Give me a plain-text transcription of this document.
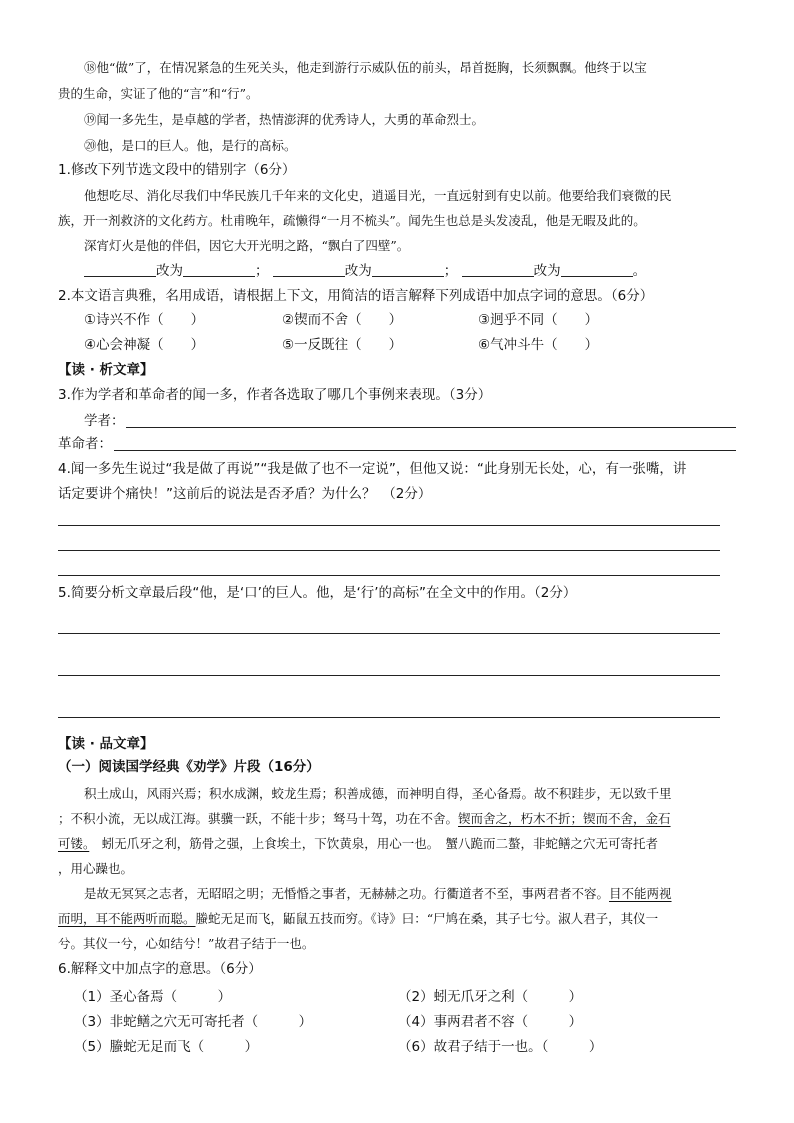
⑱他“做”了，在情况紧急的生死关头，他走到游行示威队伍的前头，昂首挺胸，长须飘飘。他终于以宝
贵的生命，实证了他的“言”和“行”。
⑲闻一多先生，是卓越的学者，热情澎湃的优秀诗人，大勇的革命烈士。
⑳他，是口的巨人。他，是行的高标。
1.修改下列节选文段中的错别字（6分）
他想吃尽、消化尽我们中华民族几千年来的文化史，逍遥目光，一直远射到有史以前。他要给我们衰微的民
族，开一剂救济的文化药方。杜甫晚年，疏懒得“一月不梳头”。闻先生也总是头发凌乱，他是无暇及此的。
深宵灯火是他的伴侣，因它大开光明之路，“飘白了四壁”。
改为	；	改为	；	改为	。
2.本文语言典雅，名用成语，请根据上下文，用简洁的语言解释下列成语中加点字词的意思。（6分）
①诗兴不作（　　）	②锲而不舍（　　）	③迥乎不同（　　）
④心会神凝（　　）	⑤一反既往（　　）	⑥气冲斗牛（　　）
【读 · 析文章】
3.作为学者和革命者的闻一多，作者各选取了哪几个事例来表现。（3分）
学者：
革命者：
4.闻一多先生说过“我是做了再说”“我是做了也不一定说”，但他又说：“此身别无长处，心，有一张嘴，讲
话定要讲个痛快！”这前后的说法是否矛盾？为什么？　（2分）
5.简要分析文章最后段“他，是‘口’的巨人。他，是‘行’的高标”在全文中的作用。（2分）
【读 · 品文章】
（一）阅读国学经典《劝学》片段（16分）
积土成山，风雨兴焉；积水成渊，蛟龙生焉；积善成德，而神明自得，圣心备焉。故不积跬步，无以致千里
；不积小流，无以成江海。骐骥一跃，不能十步；驽马十驾，功在不舍。锲而舍之，朽木不折；锲而不舍，金石
可镂。　蚓无爪牙之利，筋骨之强，上食埃土，下饮黄泉，用心一也。　蟹八跪而二螯，非蛇鳝之穴无可寄托者
，用心躁也。
是故无冥冥之志者，无昭昭之明；无惛惛之事者，无赫赫之功。行衢道者不至，事两君者不容。目不能两视
而明，耳不能两听而聪。螣蛇无足而飞，鼫鼠五技而穷。《诗》曰：“尸鸠在桑，其子七兮。淑人君子，其仪一
兮。其仪一兮，心如结兮！”故君子结于一也。
6.解释文中加点字的意思。（6分）
（1）圣心备焉（　　　）	（2）蚓无爪牙之利（　　　）
（3）非蛇鳝之穴无可寄托者（　　　）	（4）事两君者不容（　　　）
（5）螣蛇无足而飞（　　　）	（6）故君子结于一也。（　　　）
